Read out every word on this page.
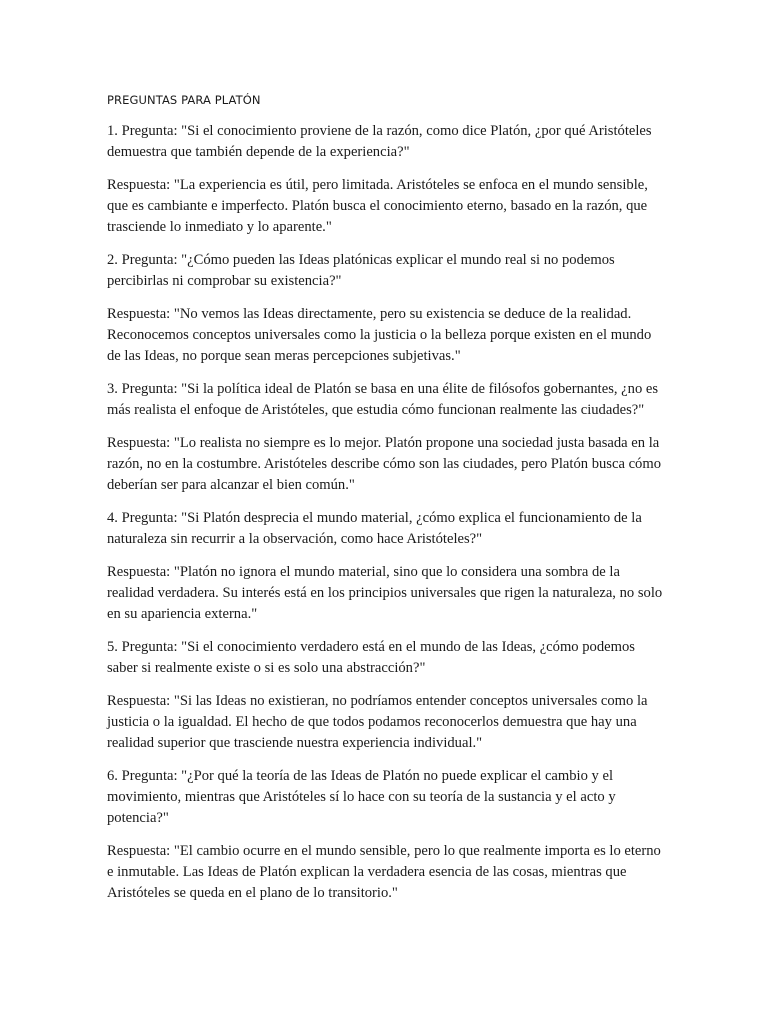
PREGUNTAS PARA PLATÓN

1. Pregunta: "Si el conocimiento proviene de la razón, como dice Platón, ¿por qué Aristóteles demuestra que también depende de la experiencia?"

Respuesta: "La experiencia es útil, pero limitada. Aristóteles se enfoca en el mundo sensible, que es cambiante e imperfecto. Platón busca el conocimiento eterno, basado en la razón, que trasciende lo inmediato y lo aparente."

2. Pregunta: "¿Cómo pueden las Ideas platónicas explicar el mundo real si no podemos percibirlas ni comprobar su existencia?"

Respuesta: "No vemos las Ideas directamente, pero su existencia se deduce de la realidad. Reconocemos conceptos universales como la justicia o la belleza porque existen en el mundo de las Ideas, no porque sean meras percepciones subjetivas."

3. Pregunta: "Si la política ideal de Platón se basa en una élite de filósofos gobernantes, ¿no es más realista el enfoque de Aristóteles, que estudia cómo funcionan realmente las ciudades?"

Respuesta: "Lo realista no siempre es lo mejor. Platón propone una sociedad justa basada en la razón, no en la costumbre. Aristóteles describe cómo son las ciudades, pero Platón busca cómo deberían ser para alcanzar el bien común."

4. Pregunta: "Si Platón desprecia el mundo material, ¿cómo explica el funcionamiento de la naturaleza sin recurrir a la observación, como hace Aristóteles?"

Respuesta: "Platón no ignora el mundo material, sino que lo considera una sombra de la realidad verdadera. Su interés está en los principios universales que rigen la naturaleza, no solo en su apariencia externa."

5. Pregunta: "Si el conocimiento verdadero está en el mundo de las Ideas, ¿cómo podemos saber si realmente existe o si es solo una abstracción?"

Respuesta: "Si las Ideas no existieran, no podríamos entender conceptos universales como la justicia o la igualdad. El hecho de que todos podamos reconocerlos demuestra que hay una realidad superior que trasciende nuestra experiencia individual."

6. Pregunta: "¿Por qué la teoría de las Ideas de Platón no puede explicar el cambio y el movimiento, mientras que Aristóteles sí lo hace con su teoría de la sustancia y el acto y potencia?"

Respuesta: "El cambio ocurre en el mundo sensible, pero lo que realmente importa es lo eterno e inmutable. Las Ideas de Platón explican la verdadera esencia de las cosas, mientras que Aristóteles se queda en el plano de lo transitorio."
